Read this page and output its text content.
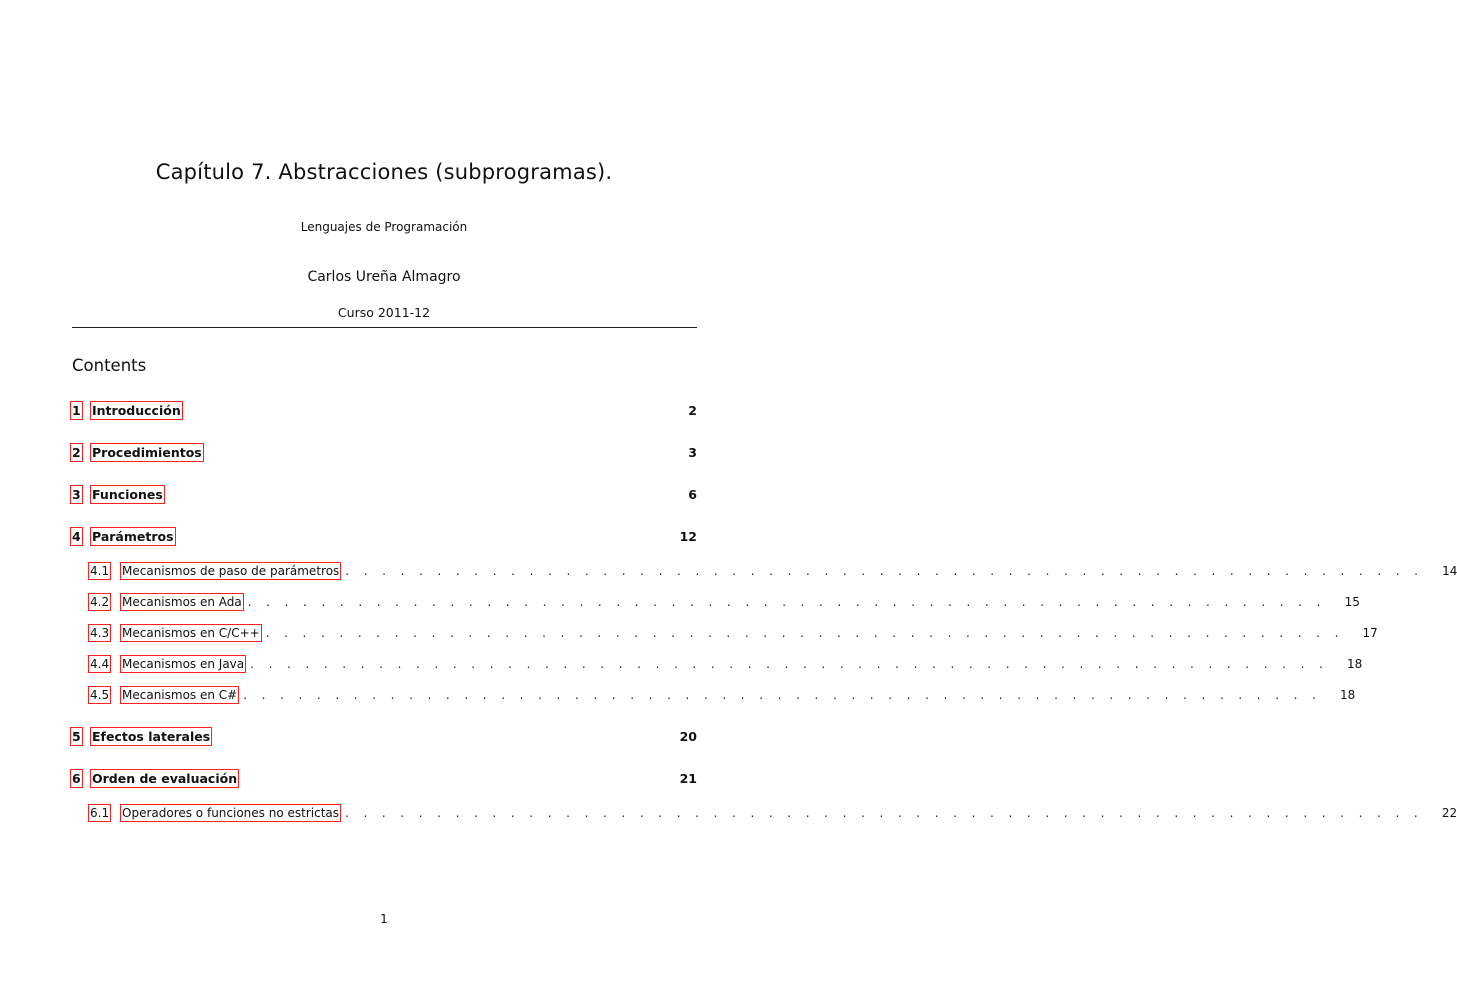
Capítulo 7. Abstracciones (subprogramas).
Lenguajes de Programación
Carlos Ureña Almagro
Curso 2011-12
Contents
1 Introducción	2
2 Procedimientos	3
3 Funciones	6
4 Parámetros	12
4.1	Mecanismos de paso de parámetros . . . . . . . . . . . . . . . . . . . . . . . . . . . . . . . . . . . . . . . . . . . . . . . . . . . . . . . . . . .	14
4.2	Mecanismos en Ada . . . . . . . . . . . . . . . . . . . . . . . . . . . . . . . . . . . . . . . . . . . . . . . . . . . . . . . . . . .	15
4.3	Mecanismos en C/C++ . . . . . . . . . . . . . . . . . . . . . . . . . . . . . . . . . . . . . . . . . . . . . . . . . . . . . . . . . . .	17
4.4	Mecanismos en Java . . . . . . . . . . . . . . . . . . . . . . . . . . . . . . . . . . . . . . . . . . . . . . . . . . . . . . . . . . .	18
4.5	Mecanismos en C# . . . . . . . . . . . . . . . . . . . . . . . . . . . . . . . . . . . . . . . . . . . . . . . . . . . . . . . . . . .	18
5 Efectos laterales	20
6 Orden de evaluación	21
6.1	Operadores o funciones no estrictas . . . . . . . . . . . . . . . . . . . . . . . . . . . . . . . . . . . . . . . . . . . . . . . . . . . . . . . . . . .	22
1
